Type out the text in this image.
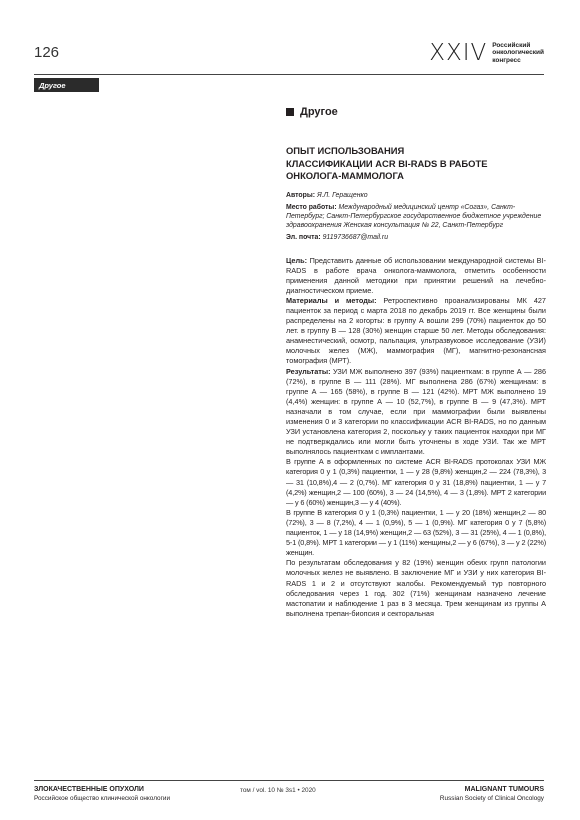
126	XXIV Российский
онкологический
конгресс
Другое
Другое
ОПЫТ ИСПОЛЬЗОВАНИЯ
КЛАССИФИКАЦИИ ACR BI-RADS В РАБОТЕ
ОНКОЛОГА-МАММОЛОГА
Авторы: Я.Л. Геращенко
Место работы: Международный медицинский центр «Согаз», Санкт-Петербург; Санкт-Петербургское государственное бюджетное учреждение здравоохранения Женская консультация № 22, Санкт-Петербург
Эл. почта: 9119736687@mail.ru

Цель: Представить данные об использовании международной системы BI-RADS в работе врача онколога-маммолога, отметить особенности применения данной методики при принятии решений на лечебно-диагностическом приеме.

Материалы и методы: Ретроспективно проанализированы МК 427 пациенток за период с марта 2018 по декабрь 2019 гг. Все женщины были распределены на 2 когорты: в группу А вошли 299 (70%) пациенток до 50 лет. в группу В — 128 (30%) женщин старше 50 лет. Методы обследования: анамнестический, осмотр, пальпация, ультразвуковое исследование (УЗИ) молочных желез (МЖ), маммография (МГ), магнитно-резонансная томография (МРТ).

Результаты: УЗИ МЖ выполнено 397 (93%) пациенткам: в группе А — 286 (72%), в группе В — 111 (28%). МГ выполнена 286 (67%) женщинам: в группе А — 165 (58%), в группе В — 121 (42%). МРТ МЖ выполнено 19 (4,4%) женщин: в группе А — 10 (52,7%), в группе В — 9 (47,3%). МРТ назначали в том случае, если при маммографии были выявлены изменения 0 и 3 категории по классификации ACR BI-RADS, но по данным УЗИ установлена категория 2, поскольку у таких пациенток находки при МГ не подтверждались или могли быть уточнены в ходе УЗИ. Так же МРТ выполнялось пациенткам с имплантами.

В группе А в оформленных по системе ACR BI-RADS протоколах УЗИ МЖ категория 0 у 1 (0,3%) пациентки, 1 — у 28 (9,8%) женщин,2 — 224 (78,3%), 3 — 31 (10,8%),4 — 2 (0,7%). МГ категория 0 у 31 (18,8%) пациентки, 1 — у 7 (4,2%) женщин,2 — 100 (60%), 3 — 24 (14,5%), 4 — 3 (1,8%). МРТ 2 категории — у 6 (60%) женщин,3 — у 4 (40%).

В группе В категория 0 у 1 (0,3%) пациентки, 1 — у 20 (18%) женщин,2 — 80 (72%), 3 — 8 (7,2%), 4 — 1 (0,9%), 5 — 1 (0,9%). МГ категория 0 у 7 (5,8%) пациенток, 1 — у 18 (14,9%) женщин,2 — 63 (52%), 3 — 31 (25%), 4 — 1 (0,8%), 5-1 (0,8%). МРТ 1 категории — у 1 (11%) женщины,2 — у 6 (67%), 3 — у 2 (22%) женщин.

По результатам обследования у 82 (19%) женщин обеих групп патологии молочных желез не выявлено. В заключение МГ и УЗИ у них категория BI-RADS 1 и 2 и отсутствуют жалобы. Рекомендуемый тур повторного обследования через 1 год. 302 (71%) женщинам назначено лечение мастопатии и наблюдение 1 раз в 3 месяца. Трем женщинам из группы А выполнена трепан-биопсия и секторальная

ЗЛОКАЧЕСТВЕННЫЕ ОПУХОЛИ
Российское общество клинической онкологии
том / vol. 10 № 3s1 • 2020	MALIGNANT TUMOURS
Russian Society of Clinical Oncology
